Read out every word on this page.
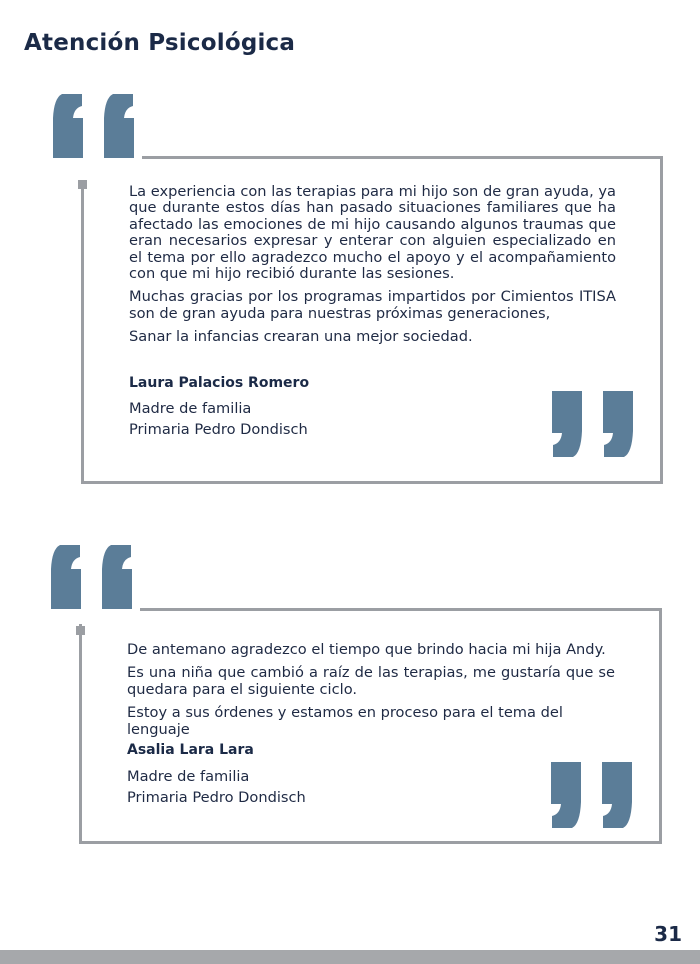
Atención Psicológica

La experiencia con las terapias para mi hijo son de gran ayuda, ya que durante estos días han pasado situaciones familiares que ha afectado las emociones de mi hijo causando algunos traumas que eran necesarios expresar y enterar con alguien especializado en el tema por ello agradezco mucho el apoyo y el acompañamiento con que mi hijo recibió durante las sesiones.

Muchas gracias por los programas impartidos por Cimientos ITISA son de gran ayuda para nuestras próximas generaciones,

Sanar la infancias crearan una mejor sociedad.

Laura Palacios Romero
Madre de familia
Primaria Pedro Dondisch

De antemano agradezco el tiempo que brindo hacia mi hija Andy.

Es una niña que cambió a raíz de las terapias, me gustaría que se quedara para el siguiente ciclo.

Estoy a sus órdenes y estamos en proceso para el tema del lenguaje

Asalia Lara Lara
Madre de familia
Primaria Pedro Dondisch
31
